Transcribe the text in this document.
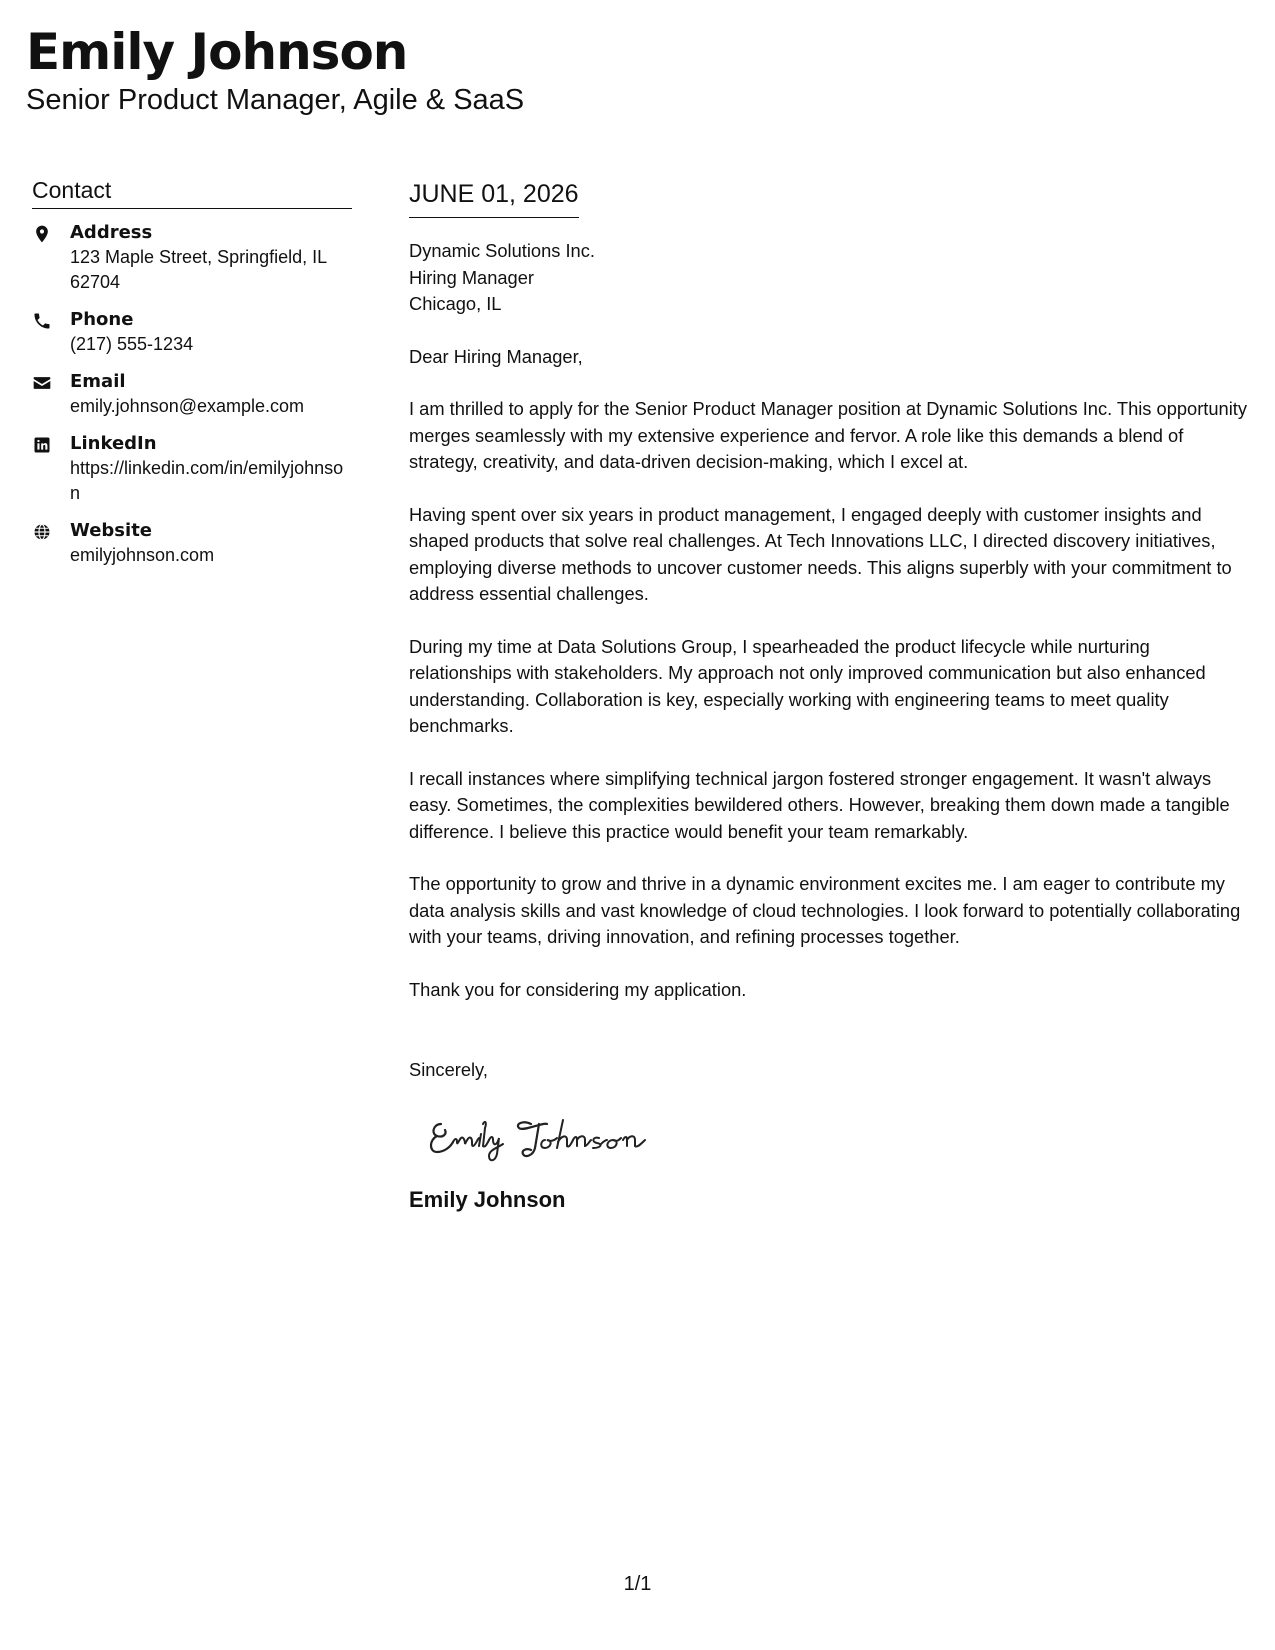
Emily Johnson
Senior Product Manager, Agile & SaaS
Contact
Address
123 Maple Street, Springfield, IL 62704
Phone
(217) 555-1234
Email
emily.johnson@example.com
LinkedIn
https://linkedin.com/in/emilyjohnson
Website
emilyjohnson.com
JUNE 01, 2026
Dynamic Solutions Inc.
Hiring Manager
Chicago, IL

Dear Hiring Manager,

I am thrilled to apply for the Senior Product Manager position at Dynamic Solutions Inc. This opportunity merges seamlessly with my extensive experience and fervor. A role like this demands a blend of strategy, creativity, and data-driven decision-making, which I excel at.

Having spent over six years in product management, I engaged deeply with customer insights and shaped products that solve real challenges. At Tech Innovations LLC, I directed discovery initiatives, employing diverse methods to uncover customer needs. This aligns superbly with your commitment to address essential challenges.

During my time at Data Solutions Group, I spearheaded the product lifecycle while nurturing relationships with stakeholders. My approach not only improved communication but also enhanced understanding. Collaboration is key, especially working with engineering teams to meet quality benchmarks.

I recall instances where simplifying technical jargon fostered stronger engagement. It wasn't always easy. Sometimes, the complexities bewildered others. However, breaking them down made a tangible difference. I believe this practice would benefit your team remarkably.

The opportunity to grow and thrive in a dynamic environment excites me. I am eager to contribute my data analysis skills and vast knowledge of cloud technologies. I look forward to potentially collaborating with your teams, driving innovation, and refining processes together.

Thank you for considering my application.

Sincerely,

Emily Johnson
1/1
